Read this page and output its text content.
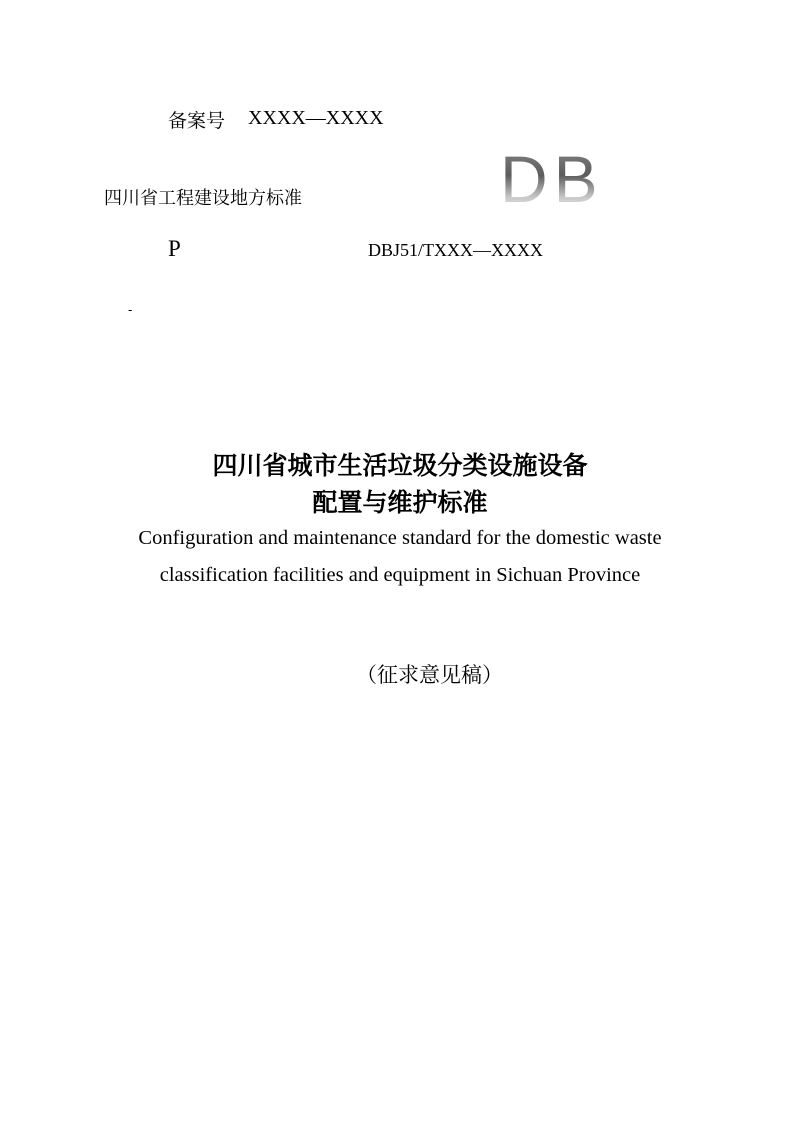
备案号 XXXX—XXXX
四川省工程建设地方标准	DB
P	DBJ51/TXXX—XXXX
-
四川省城市生活垃圾分类设施设备
配置与维护标准
Configuration and maintenance standard for the domestic waste
classification facilities and equipment in Sichuan Province
（征求意见稿）
